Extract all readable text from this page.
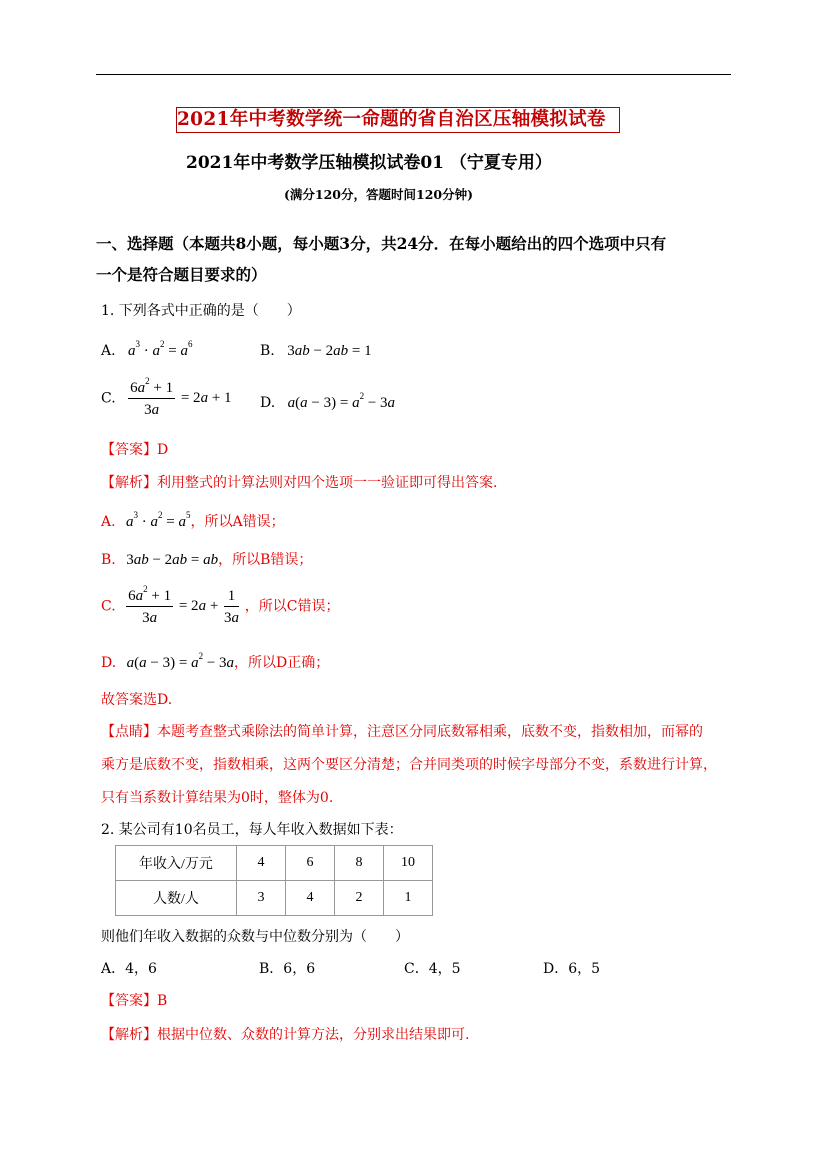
2021年中考数学统一命题的省自治区压轴模拟试卷
2021年中考数学压轴模拟试卷01 （宁夏专用）
(满分120分，答题时间120分钟)
一、选择题（本题共8小题，每小题3分，共24分．在每小题给出的四个选项中只有
一个是符合题目要求的）
1. 下列各式中正确的是（　　）
A. $a^3 \cdot a^2 = a^6$	B. 3ab − 2ab = 1
C. $\frac{6a^2 + 1}{3a} = 2a + 1$ D. $a(a - 3) = a^2 - 3a$
【答案】D
【解析】利用整式的计算法则对四个选项一一验证即可得出答案.
A. $a^3 \cdot a^2 = a^5$，所以A错误；
B. 3ab − 2ab = ab，所以B错误；
C. $\frac{6a^2 + 1}{3a} = 2a + \frac{1}{3a}$ ，所以C错误；
D. $a(a - 3) = a^2 - 3a$，所以D正确；
故答案选D.
【点睛】本题考查整式乘除法的简单计算，注意区分同底数幂相乘，底数不变，指数相加，而幂的
乘方是底数不变，指数相乘，这两个要区分清楚；合并同类项的时候字母部分不变，系数进行计算，
只有当系数计算结果为0时，整体为0.
2. 某公司有10名员工，每人年收入数据如下表：
年收入/万元	4	6	8	10
人数/人	3	4	2	1
则他们年收入数据的众数与中位数分别为（　　）
A．4，6	B．6，6	C．4，5	D．6，5
【答案】B
【解析】根据中位数、众数的计算方法，分别求出结果即可.
